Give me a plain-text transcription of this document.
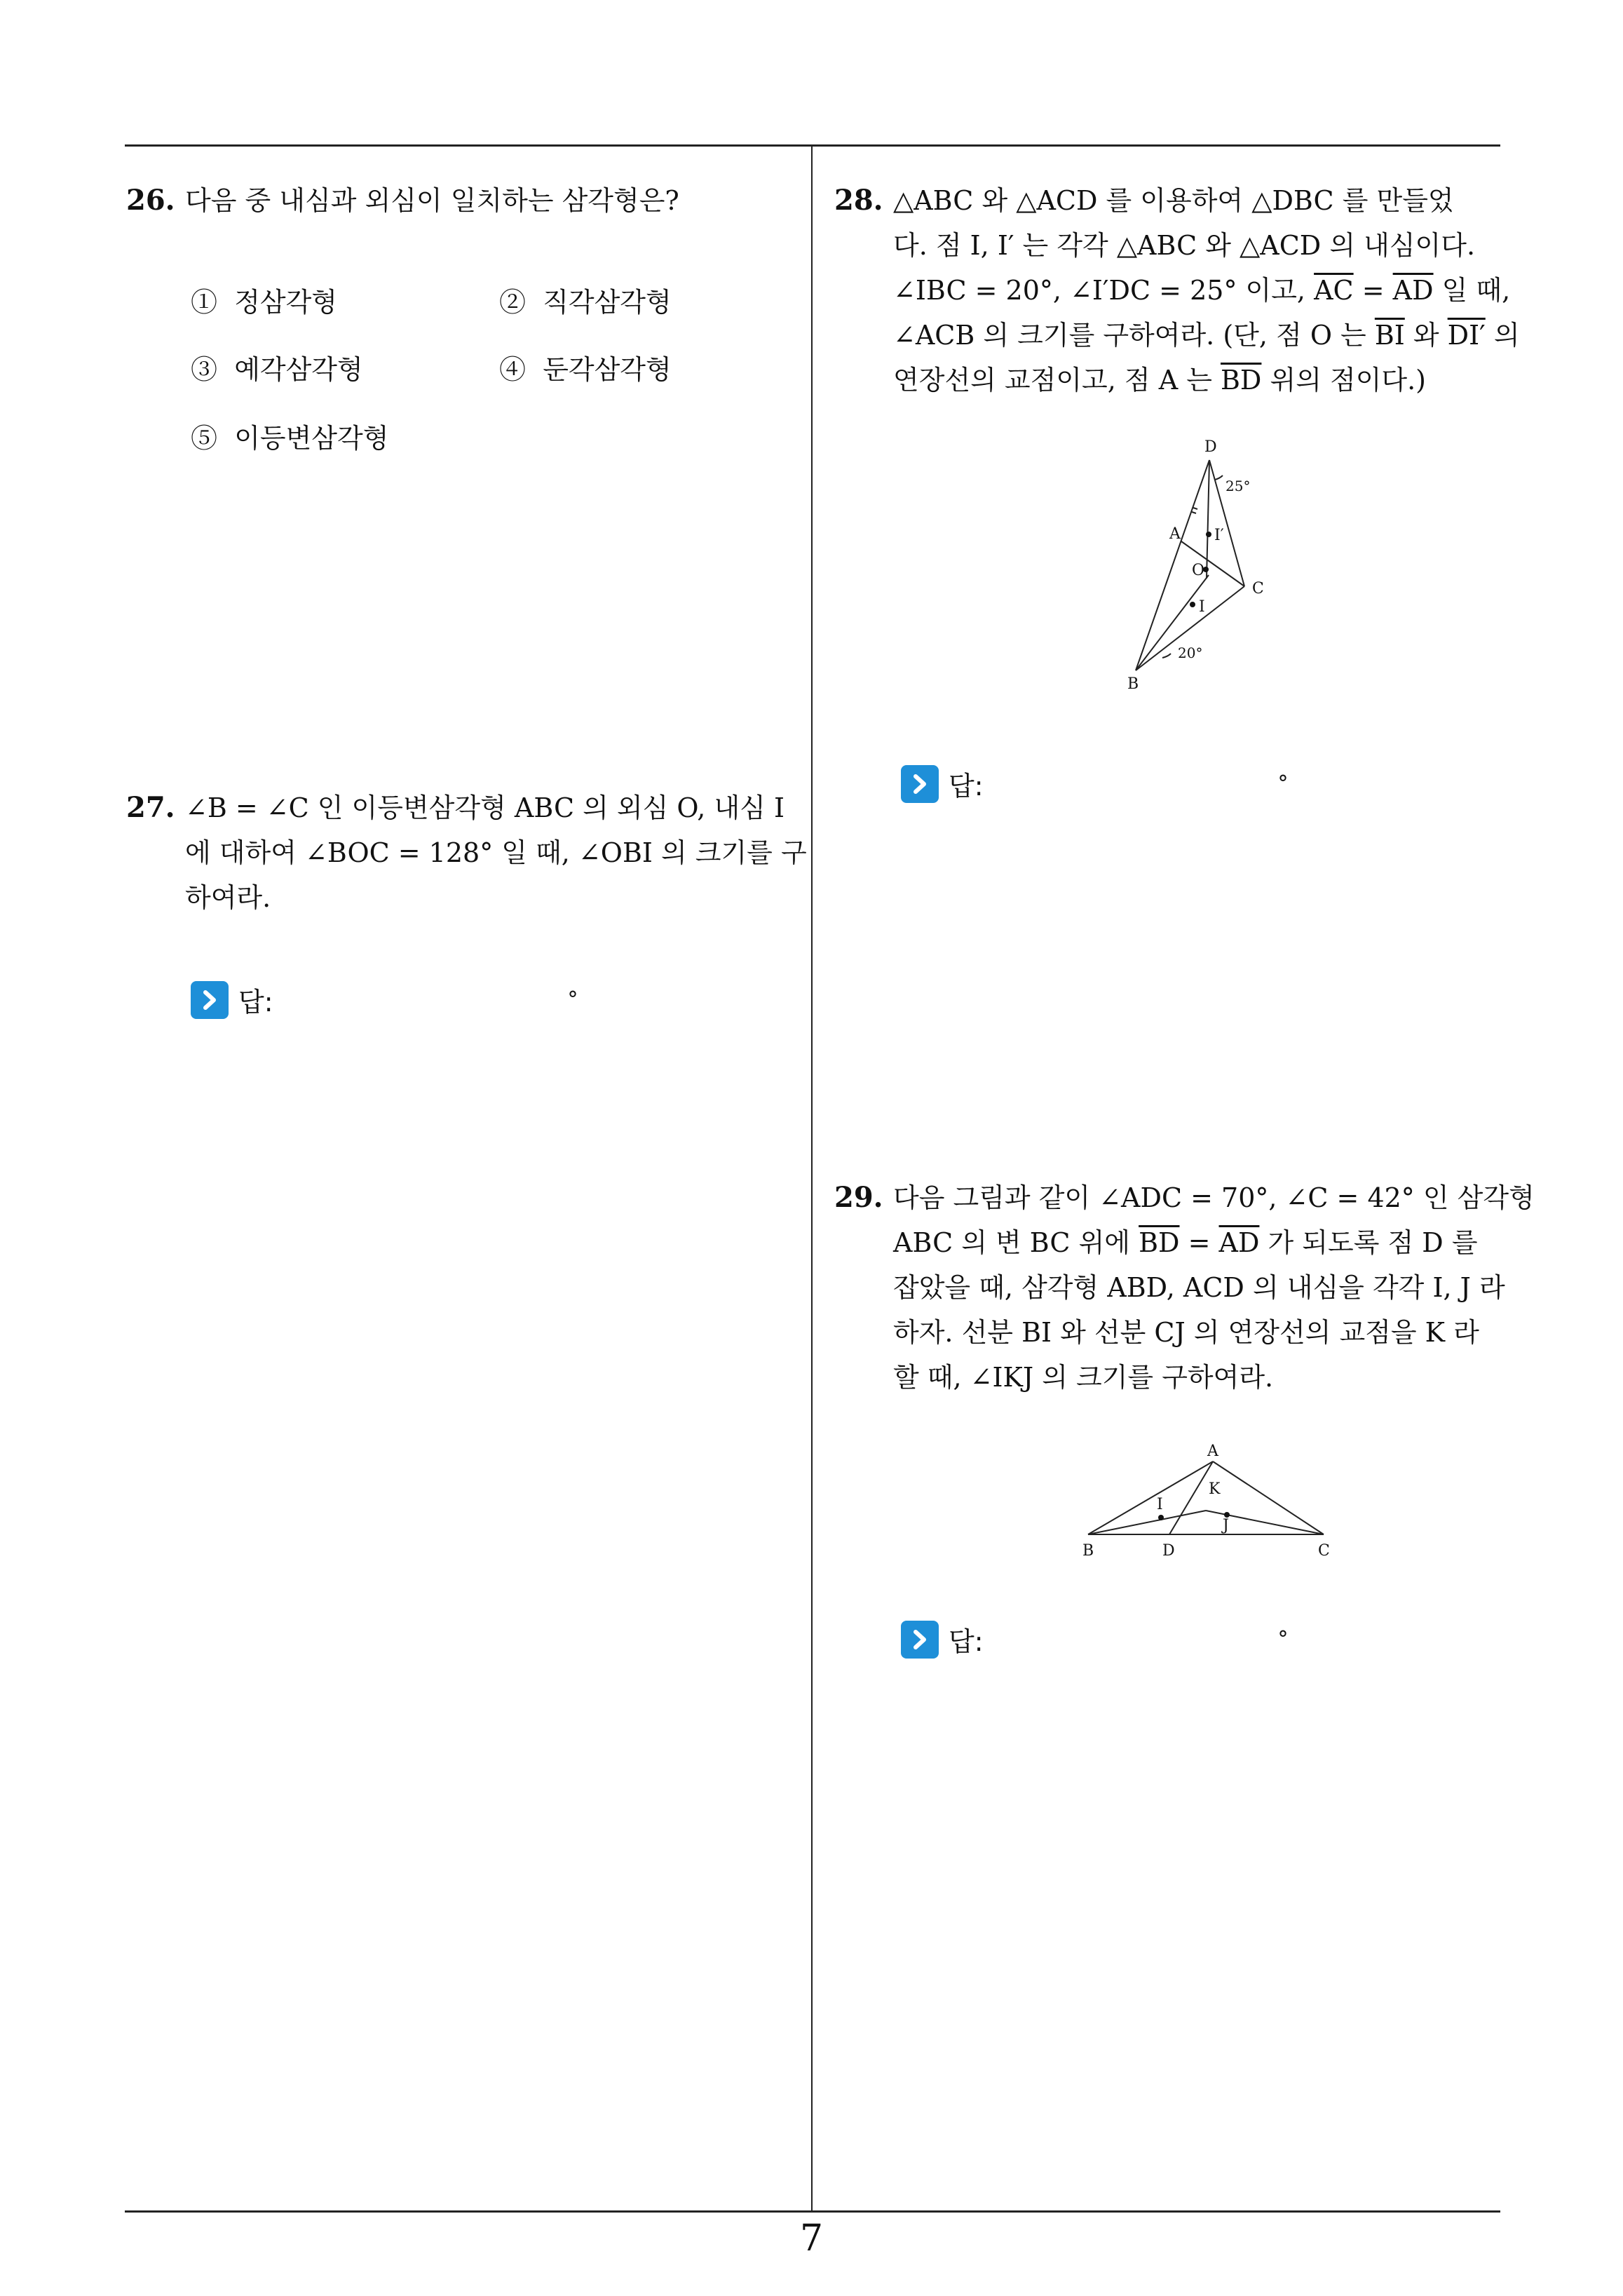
26. 다음 중 내심과 외심이 일치하는 삼각형은?
① 정삼각형	② 직각삼각형
③ 예각삼각형	④ 둔각삼각형
⑤ 이등변삼각형
27. ∠B = ∠C 인 이등변삼각형 ABC 의 외심 O, 내심 I
에 대하여 ∠BOC = 128° 일 때, ∠OBI 의 크기를 구
하여라.
답:	°
28. △ABC 와 △ACD 를 이용하여 △DBC 를 만들었
다. 점 I, I′ 는 각각 △ABC 와 △ACD 의 내심이다.
∠IBC = 20°, ∠I′DC = 25° 이고, $\overline{AC} = \overline{AD}$ 일 때,
∠ACB 의 크기를 구하여라. (단, 점 O 는 $\overline{BI}$ 와 DI′ 의
연장선의 교점이고, 점 A 는 $\overline{BD}$ 위의 점이다.)
D
A I′
O
C
I
B
25°
20°
답:	°
29. 다음 그림과 같이 ∠ADC = 70°, ∠C = 42° 인 삼각형
ABC 의 변 BC 위에 $\overline{BD} = \overline{AD}$ 가 되도록 점 D 를
잡았을 때, 삼각형 ABD, ACD 의 내심을 각각 I, J 라
하자. 선분 BI 와 선분 CJ 의 연장선의 교점을 K 라
할 때, ∠IKJ 의 크기를 구하여라.
A
K
I
J
B	D	C
답:	°
7
